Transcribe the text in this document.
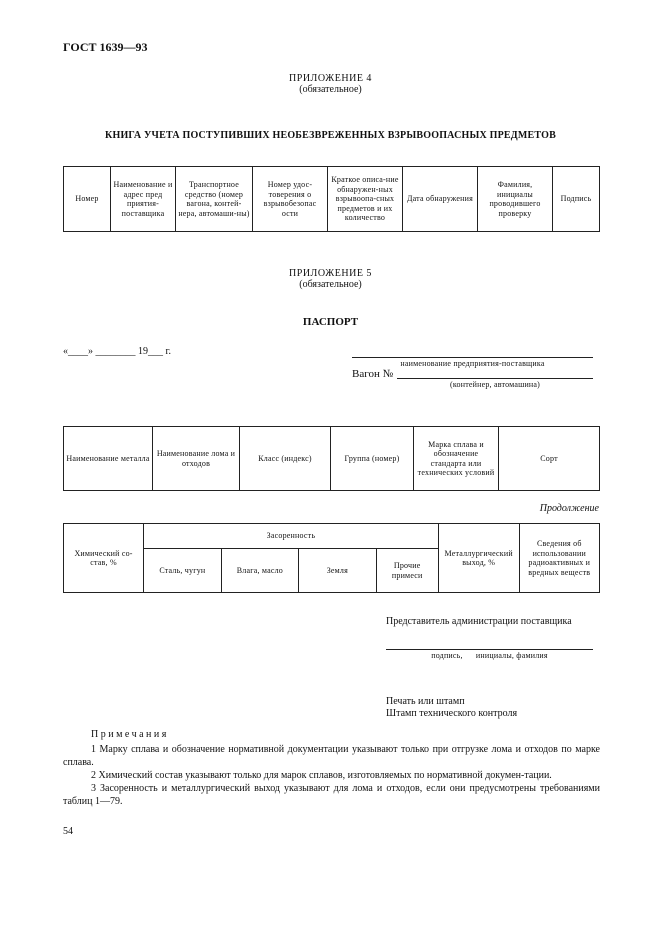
ГОСТ 1639—93
ПРИЛОЖЕНИЕ 4
(обязательное)
КНИГА УЧЕТА ПОСТУПИВШИХ НЕОБЕЗВРЕЖЕННЫХ ВЗРЫВООПАСНЫХ ПРЕДМЕТОВ
Номер	Наименование и адрес пред приятия-поставщика	Транспортное средство (номер вагона, контей-нера, автомаши-ны)	Номер удос-товерения о взрывобезопас ости	Краткое описа-ние обнаружен-ных взрывоопа-сных предметов и их количество	Дата обнаружения	Фамилия, инициалы проводившего проверку	Подпись
ПРИЛОЖЕНИЕ 5
(обязательное)
ПАСПОРТ
«____» ________ 19___ г.
наименование предприятия-поставщика
Вагон №
(контейнер, автомашина)
Наименование металла	Наименование лома и отходов	Класс (индекс)	Группа (номер)	Марка сплава и обозначение стандарта или технических условий	Сорт
Продолжение
Химический со-став, %	Засоренность				Металлургический выход, %	Сведения об использовании радиоактивных и вредных веществ
	Сталь, чугун	Влага, масло	Земля	Прочие примеси		
Представитель администрации поставщика
подпись,      инициалы, фамилия
Печать или штамп
Штамп технического контроля
Примечания

1 Марку сплава и обозначение нормативной документации указывают только при отгрузке лома и отходов по марке сплава.

2 Химический состав указывают только для марок сплавов, изготовляемых по нормативной докумен-тации.

3 Засоренность и металлургический выход указывают для лома и отходов, если они предусмотрены требованиями таблиц 1—79.

54
